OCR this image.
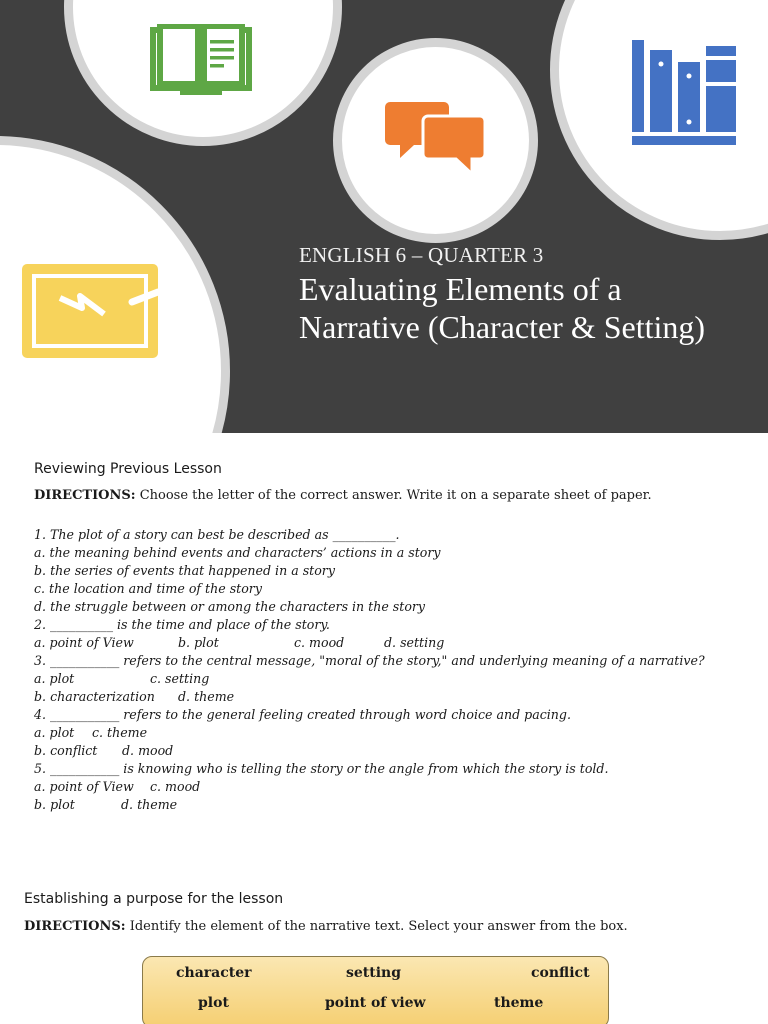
ENGLISH 6 – QUARTER 3
Evaluating Elements of a Narrative (Character & Setting)
Reviewing Previous Lesson
DIRECTIONS: Choose the letter of the correct answer. Write it on a separate sheet of paper.
1. The plot of a story can best be described as __________.
a. the meaning behind events and characters’ actions in a story
b. the series of events that happened in a story
c. the location and time of the story
d. the struggle between or among the characters in the story
2. __________ is the time and place of the story.
a. point of View	b. plot	c. mood	d. setting
3. ___________ refers to the central message, "moral of the story," and underlying meaning of a narrative?
a. plot	c. setting
b. characterization	d. theme
4. ___________ refers to the general feeling created through word choice and pacing.
a. plot	c. theme
b. conflict	d. mood
5. ___________ is knowing who is telling the story or the angle from which the story is told.
a. point of View	c. mood
b. plot	d. theme
Establishing a purpose for the lesson
DIRECTIONS: Identify the element of the narrative text. Select your answer from the box.
character	setting	conflict
plot	point of view	theme
